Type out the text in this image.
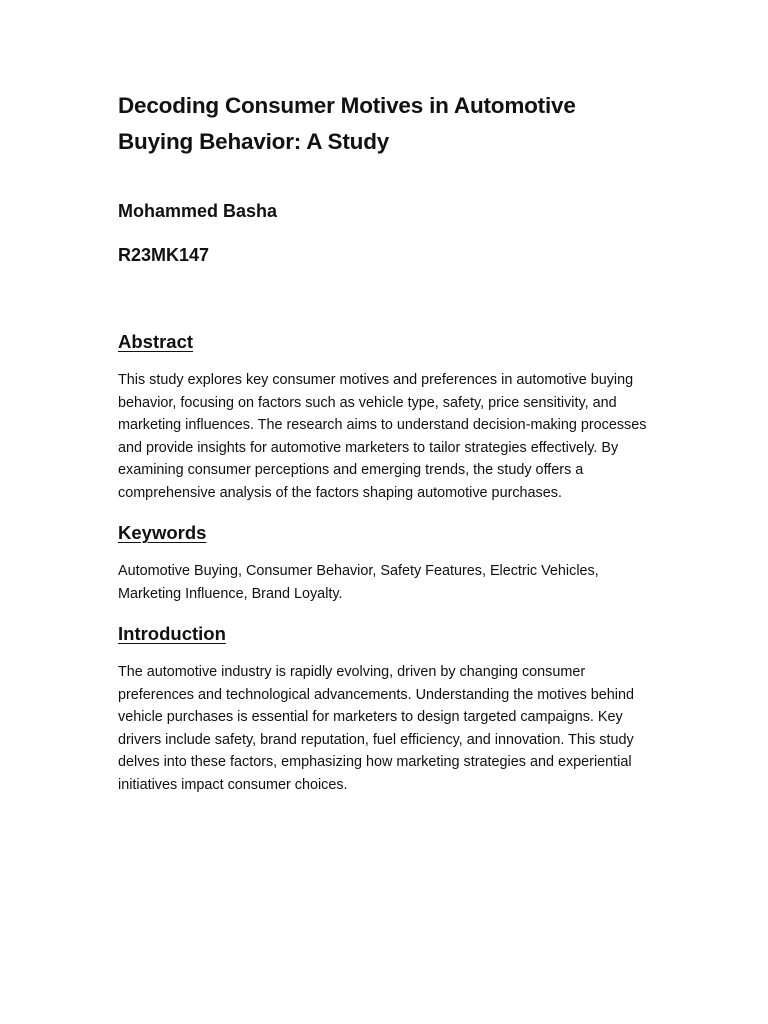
Decoding Consumer Motives in Automotive Buying Behavior: A Study

Mohammed Basha

R23MK147

Abstract

This study explores key consumer motives and preferences in automotive buying behavior, focusing on factors such as vehicle type, safety, price sensitivity, and marketing influences. The research aims to understand decision-making processes and provide insights for automotive marketers to tailor strategies effectively. By examining consumer perceptions and emerging trends, the study offers a comprehensive analysis of the factors shaping automotive purchases.

Keywords

Automotive Buying, Consumer Behavior, Safety Features, Electric Vehicles, Marketing Influence, Brand Loyalty.

Introduction

The automotive industry is rapidly evolving, driven by changing consumer preferences and technological advancements. Understanding the motives behind vehicle purchases is essential for marketers to design targeted campaigns. Key drivers include safety, brand reputation, fuel efficiency, and innovation. This study delves into these factors, emphasizing how marketing strategies and experiential initiatives impact consumer choices.
